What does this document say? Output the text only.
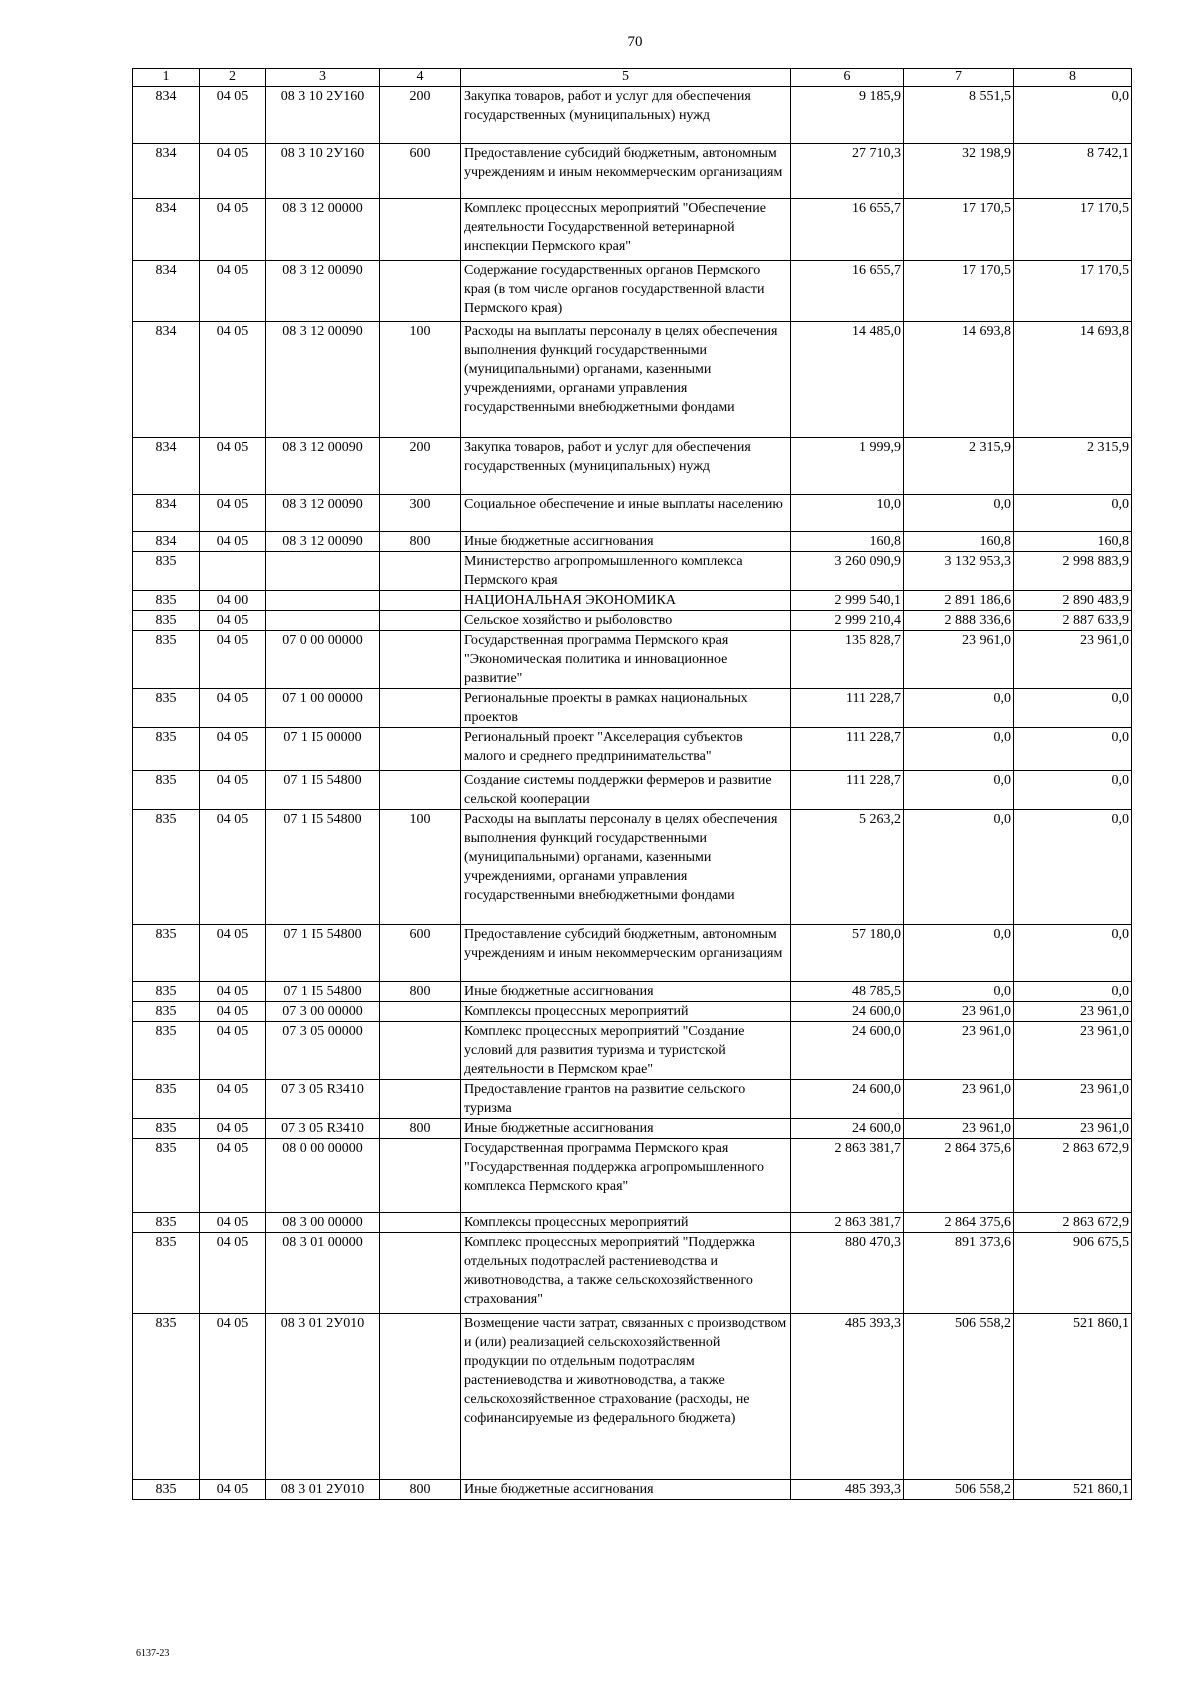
70
1	2	3	4	5	6	7	8
834	04 05	08 3 10 2У160	200	Закупка товаров, работ и услуг для обеспечения государственных (муниципальных) нужд	9 185,9	8 551,5	0,0
834	04 05	08 3 10 2У160	600	Предоставление субсидий бюджетным, автономным учреждениям и иным некоммерческим организациям	27 710,3	32 198,9	8 742,1
834	04 05	08 3 12 00000		Комплекс процессных мероприятий "Обеспечение деятельности Государственной ветеринарной инспекции Пермского края"	16 655,7	17 170,5	17 170,5
834	04 05	08 3 12 00090		Содержание государственных органов Пермского края (в том числе органов государственной власти Пермского края)	16 655,7	17 170,5	17 170,5
834	04 05	08 3 12 00090	100	Расходы на выплаты персоналу в целях обеспечения выполнения функций государственными (муниципальными) органами, казенными учреждениями, органами управления государственными внебюджетными фондами	14 485,0	14 693,8	14 693,8
834	04 05	08 3 12 00090	200	Закупка товаров, работ и услуг для обеспечения государственных (муниципальных) нужд	1 999,9	2 315,9	2 315,9
834	04 05	08 3 12 00090	300	Социальное обеспечение и иные выплаты населению	10,0	0,0	0,0
834	04 05	08 3 12 00090	800	Иные бюджетные ассигнования	160,8	160,8	160,8
835				Министерство агропромышленного комплекса Пермского края	3 260 090,9	3 132 953,3	2 998 883,9
835	04 00			НАЦИОНАЛЬНАЯ ЭКОНОМИКА	2 999 540,1	2 891 186,6	2 890 483,9
835	04 05			Сельское хозяйство и рыболовство	2 999 210,4	2 888 336,6	2 887 633,9
835	04 05	07 0 00 00000		Государственная программа Пермского края "Экономическая политика и инновационное развитие"	135 828,7	23 961,0	23 961,0
835	04 05	07 1 00 00000		Региональные проекты в рамках национальных проектов	111 228,7	0,0	0,0
835	04 05	07 1 I5 00000		Региональный проект "Акселерация субъектов малого и среднего предпринимательства"	111 228,7	0,0	0,0
835	04 05	07 1 I5 54800		Создание системы поддержки фермеров и развитие сельской кооперации	111 228,7	0,0	0,0
835	04 05	07 1 I5 54800	100	Расходы на выплаты персоналу в целях обеспечения выполнения функций государственными (муниципальными) органами, казенными учреждениями, органами управления государственными внебюджетными фондами	5 263,2	0,0	0,0
835	04 05	07 1 I5 54800	600	Предоставление субсидий бюджетным, автономным учреждениям и иным некоммерческим организациям	57 180,0	0,0	0,0
835	04 05	07 1 I5 54800	800	Иные бюджетные ассигнования	48 785,5	0,0	0,0
835	04 05	07 3 00 00000		Комплексы процессных мероприятий	24 600,0	23 961,0	23 961,0
835	04 05	07 3 05 00000		Комплекс процессных мероприятий "Создание условий для развития туризма и туристской деятельности в Пермском крае"	24 600,0	23 961,0	23 961,0
835	04 05	07 3 05 R3410		Предоставление грантов на развитие сельского туризма	24 600,0	23 961,0	23 961,0
835	04 05	07 3 05 R3410	800	Иные бюджетные ассигнования	24 600,0	23 961,0	23 961,0
835	04 05	08 0 00 00000		Государственная программа Пермского края "Государственная поддержка агропромышленного комплекса Пермского края"	2 863 381,7	2 864 375,6	2 863 672,9
835	04 05	08 3 00 00000		Комплексы процессных мероприятий	2 863 381,7	2 864 375,6	2 863 672,9
835	04 05	08 3 01 00000		Комплекс процессных мероприятий "Поддержка отдельных подотраслей растениеводства и животноводства, а также сельскохозяйственного страхования"	880 470,3	891 373,6	906 675,5
835	04 05	08 3 01 2У010		Возмещение части затрат, связанных с производством и (или) реализацией сельскохозяйственной продукции по отдельным подотраслям растениеводства и животноводства, а также сельскохозяйственное страхование (расходы, не софинансируемые из федерального бюджета)	485 393,3	506 558,2	521 860,1
835	04 05	08 3 01 2У010	800	Иные бюджетные ассигнования	485 393,3	506 558,2	521 860,1
6137-23
